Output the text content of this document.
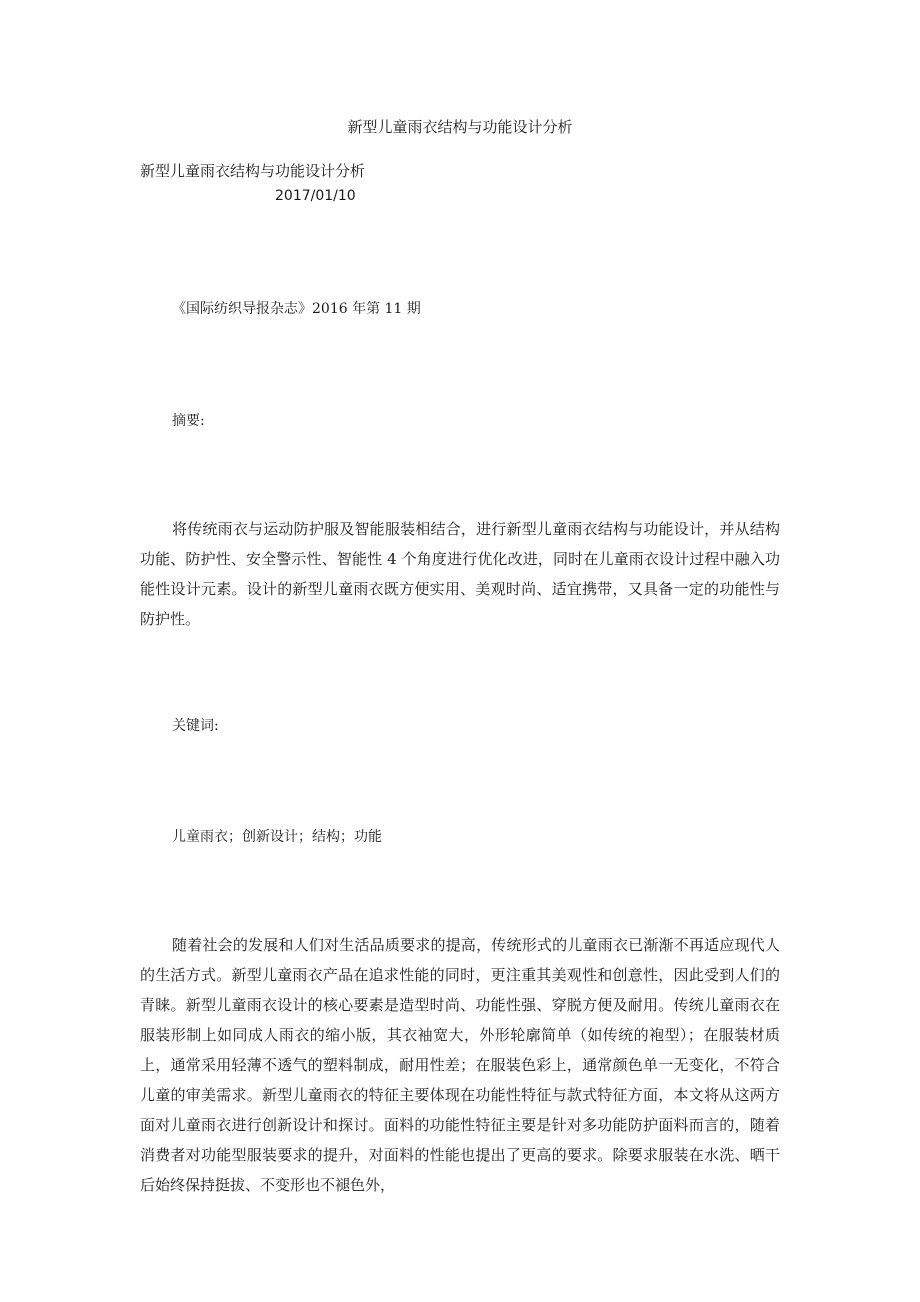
新型儿童雨衣结构与功能设计分析

新型儿童雨衣结构与功能设计分析

2017/01/10

《国际纺织导报杂志》2016 年第 11 期

摘要:

将传统雨衣与运动防护服及智能服装相结合，进行新型儿童雨衣结构与功能设计，并从结构功能、防护性、安全警示性、智能性 4 个角度进行优化改进，同时在儿童雨衣设计过程中融入功能性设计元素。设计的新型儿童雨衣既方便实用、美观时尚、适宜携带，又具备一定的功能性与防护性。

关键词:

儿童雨衣；创新设计；结构；功能

随着社会的发展和人们对生活品质要求的提高，传统形式的儿童雨衣已渐渐不再适应现代人的生活方式。新型儿童雨衣产品在追求性能的同时，更注重其美观性和创意性，因此受到人们的青睐。新型儿童雨衣设计的核心要素是造型时尚、功能性强、穿脱方便及耐用。传统儿童雨衣在服装形制上如同成人雨衣的缩小版，其衣袖宽大，外形轮廓简单（如传统的袍型）；在服装材质上，通常采用轻薄不透气的塑料制成，耐用性差；在服装色彩上，通常颜色单一无变化，不符合儿童的审美需求。新型儿童雨衣的特征主要体现在功能性特征与款式特征方面，本文将从这两方面对儿童雨衣进行创新设计和探讨。面料的功能性特征主要是针对多功能防护面料而言的，随着消费者对功能型服装要求的提升，对面料的性能也提出了更高的要求。除要求服装在水洗、晒干后始终保持挺拔、不变形也不褪色外，
